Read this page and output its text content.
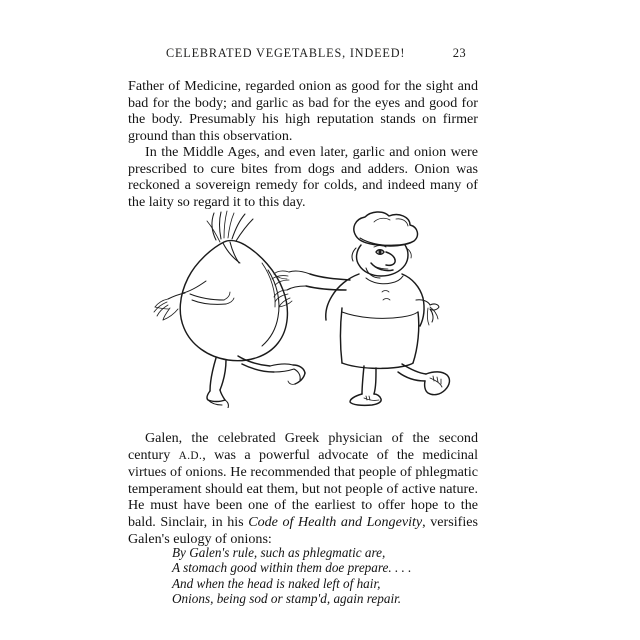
CELEBRATED VEGETABLES, INDEED!	23

Father of Medicine, regarded onion as good for the sight and bad for the body; and garlic as bad for the eyes and good for the body. Presumably his high reputation stands on firmer ground than this observation.

In the Middle Ages, and even later, garlic and onion were prescribed to cure bites from dogs and adders. Onion was reckoned a sovereign remedy for colds, and indeed many of the laity so regard it to this day.

Galen, the celebrated Greek physician of the second century A.D., was a powerful advocate of the medicinal virtues of onions. He recommended that people of phlegmatic temperament should eat them, but not people of active nature. He must have been one of the earliest to offer hope to the bald. Sinclair, in his Code of Health and Longevity, versifies Galen's eulogy of onions:

By Galen's rule, such as phlegmatic are,

A stomach good within them doe prepare. . . .

And when the head is naked left of hair,

Onions, being sod or stamp'd, again repair.
